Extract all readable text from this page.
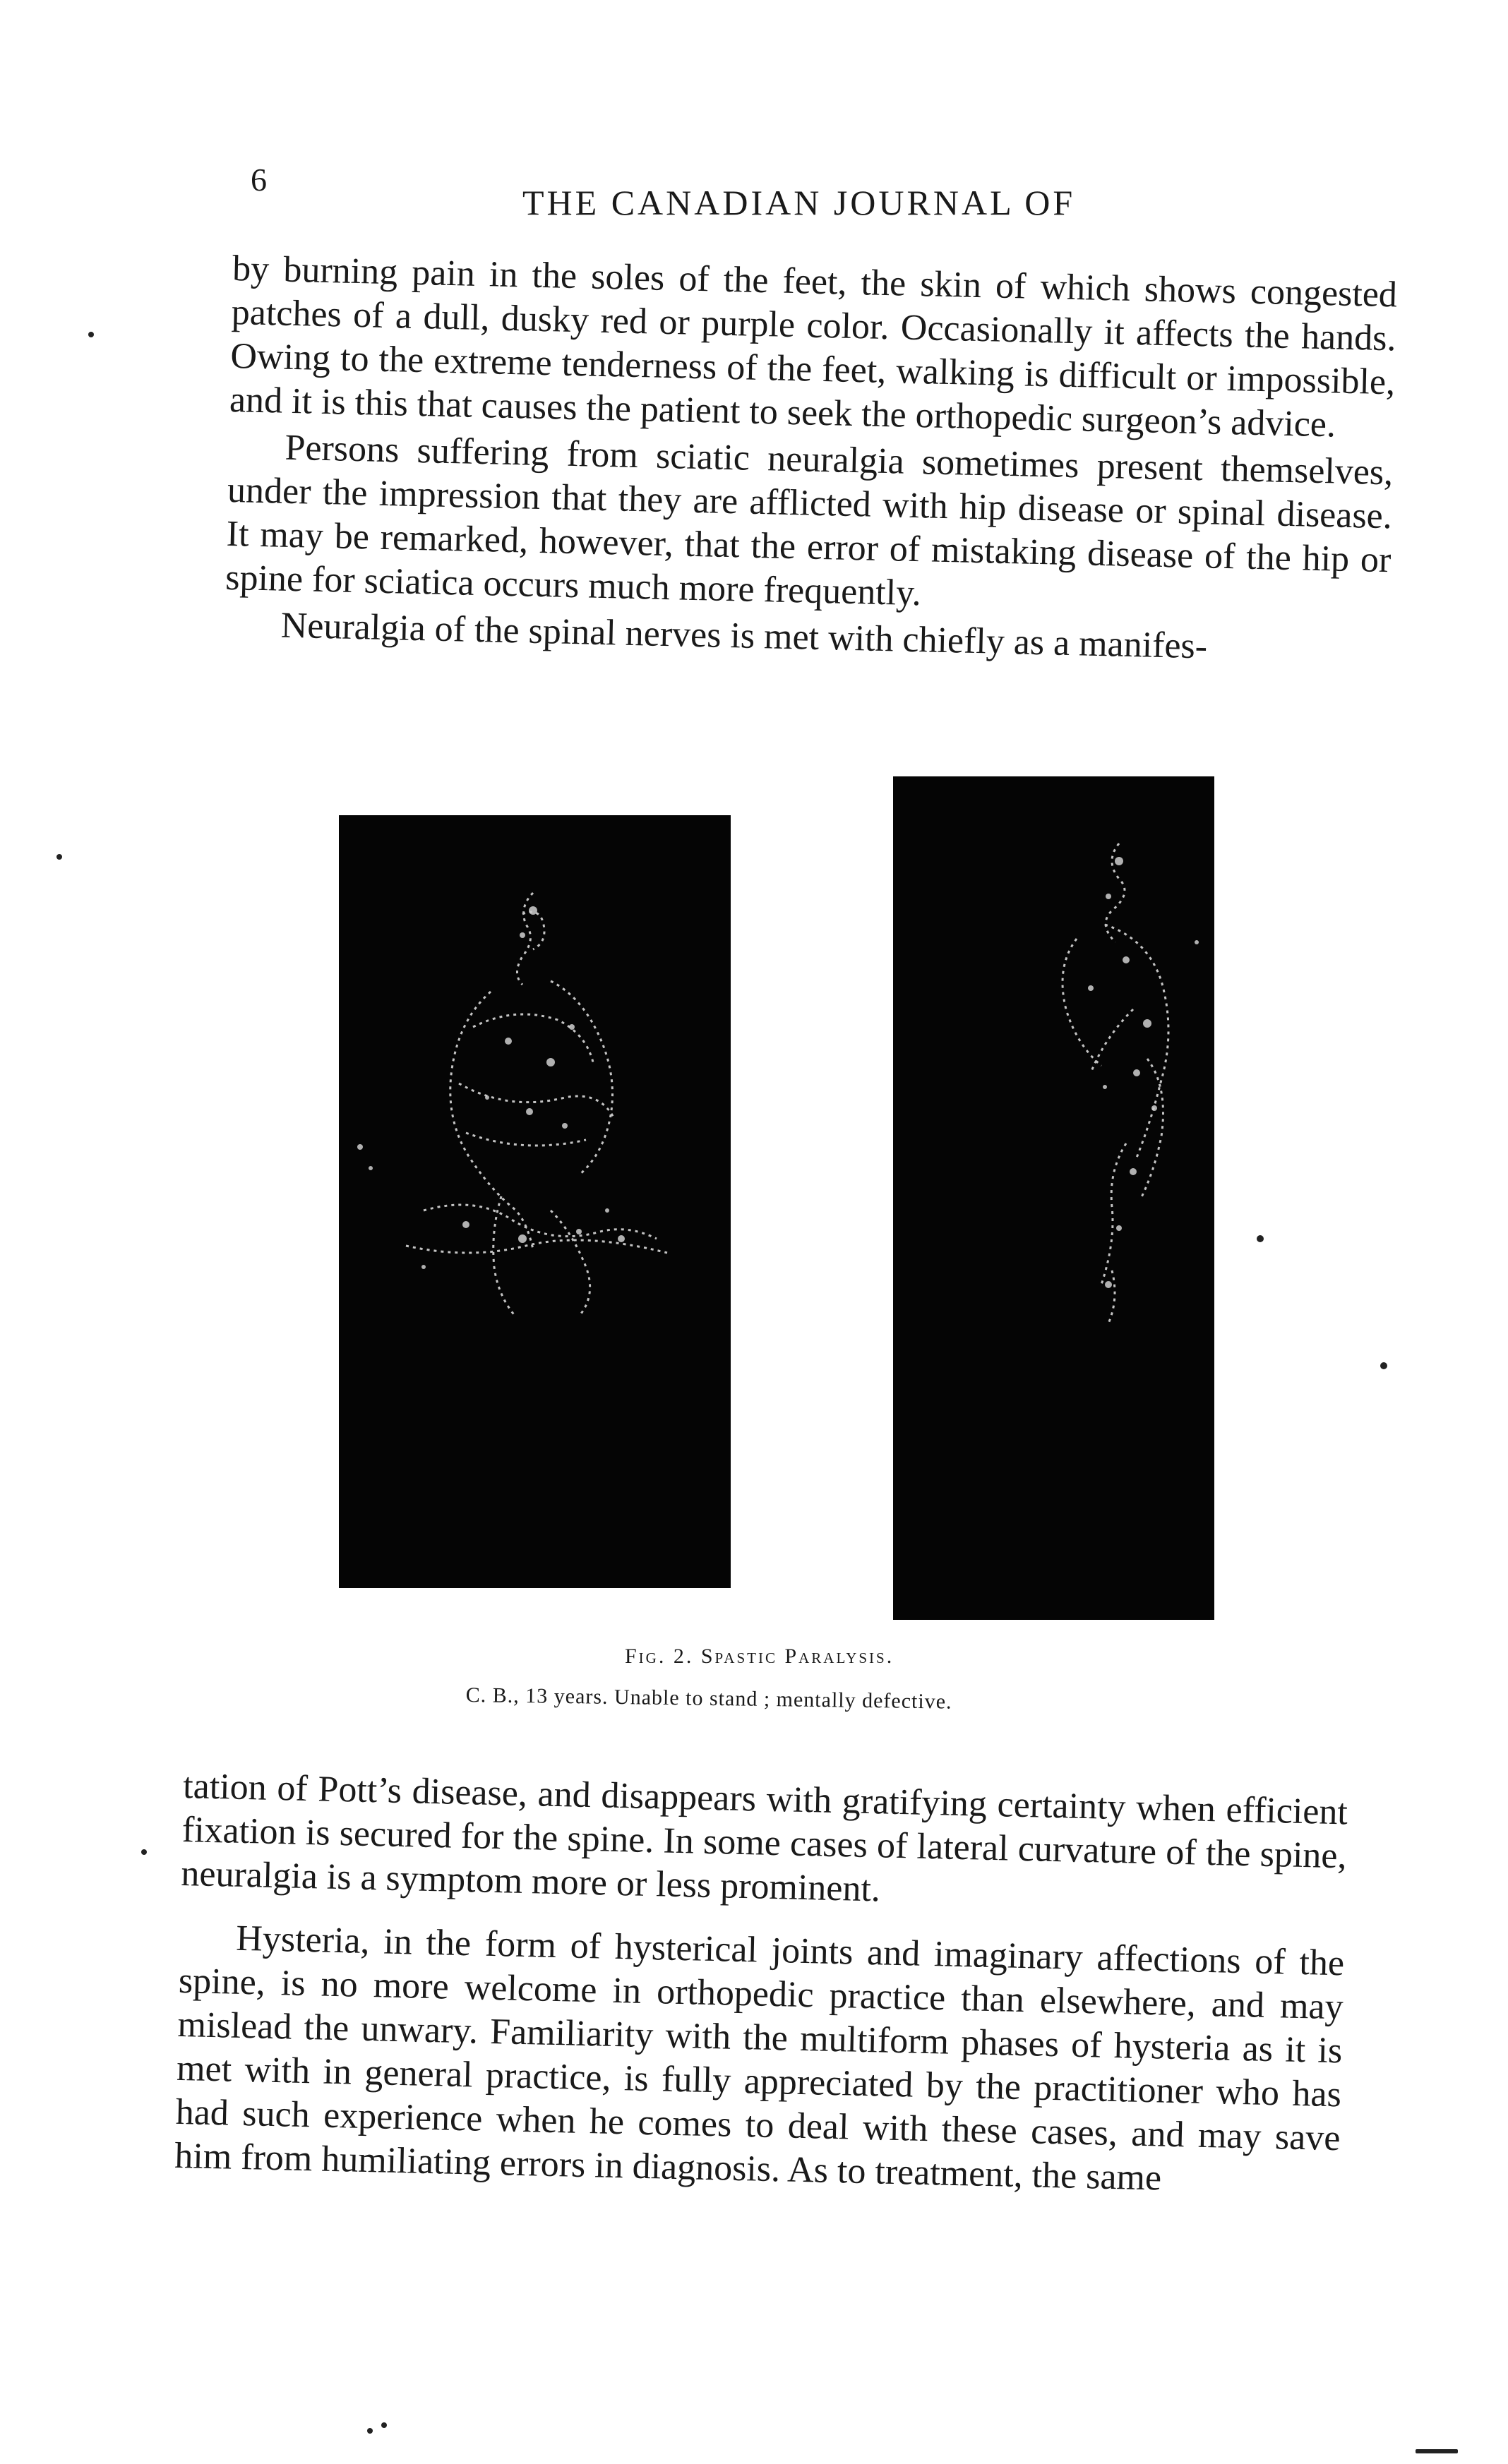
6
THE CANADIAN JOURNAL OF

by burning pain in the soles of the feet, the skin of which shows congested patches of a dull, dusky red or purple color. Occasionally it affects the hands. Owing to the extreme tenderness of the feet, walking is difficult or impossible, and it is this that causes the patient to seek the orthopedic surgeon’s advice.

Persons suffering from sciatic neuralgia sometimes present themselves, under the impression that they are afflicted with hip disease or spinal disease. It may be remarked, however, that the error of mistaking disease of the hip or spine for sciatica occurs much more frequently.

Neuralgia of the spinal nerves is met with chiefly as a manifes-

Fig. 2. Spastic Paralysis.
C. B., 13 years. Unable to stand ; mentally defective.

tation of Pott’s disease, and disappears with gratifying certainty when efficient fixation is secured for the spine. In some cases of lateral curvature of the spine, neuralgia is a symptom more or less prominent.

Hysteria, in the form of hysterical joints and imaginary affections of the spine, is no more welcome in orthopedic practice than elsewhere, and may mislead the unwary. Familiarity with the multiform phases of hysteria as it is met with in general practice, is fully appreciated by the practitioner who has had such experience when he comes to deal with these cases, and may save him from humiliating errors in diagnosis. As to treatment, the same
